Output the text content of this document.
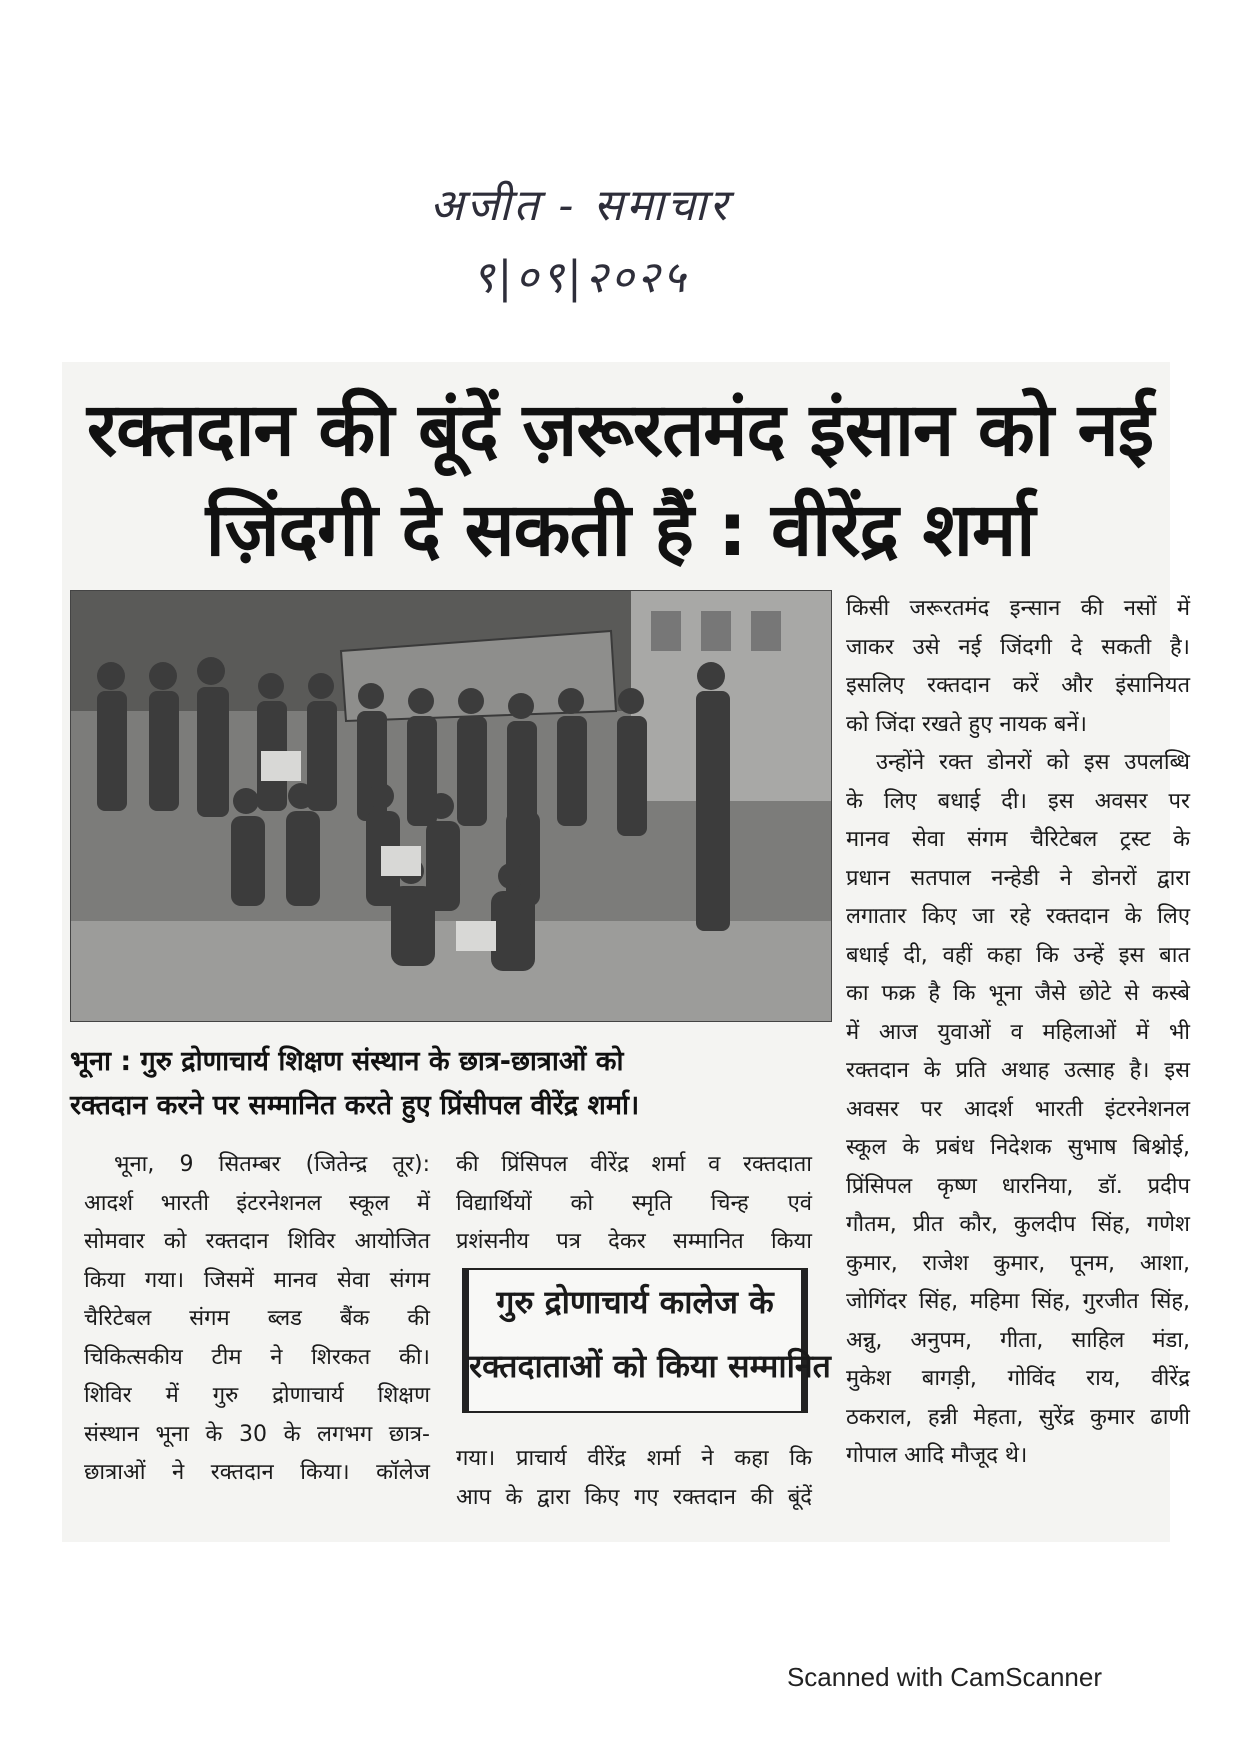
अजीत - समाचार
९|०९|२०२५
रक्तदान की बूंदें ज़रूरतमंद इंसान को नई
ज़िंदगी दे सकती हैं : वीरेंद्र शर्मा
भूना : गुरु द्रोणाचार्य शिक्षण संस्थान के छात्र-छात्राओं को
रक्तदान करने पर सम्मानित करते हुए प्रिंसीपल वीरेंद्र शर्मा।
भूना, 9 सितम्बर (जितेन्द्र तूर):
आदर्श भारती इंटरनेशनल स्कूल में
सोमवार को रक्तदान शिविर आयोजित
किया गया। जिसमें मानव सेवा संगम
चैरिटेबल संगम ब्लड बैंक की
चिकित्सकीय टीम ने शिरकत की।
शिविर में गुरु द्रोणाचार्य शिक्षण
संस्थान भूना के 30 के लगभग छात्र-
छात्राओं ने रक्तदान किया। कॉलेज
की प्रिंसिपल वीरेंद्र शर्मा व रक्तदाता
विद्यार्थियों को स्मृति चिन्ह एवं
प्रशंसनीय पत्र देकर सम्मानित किया
गुरु द्रोणाचार्य कालेज के
रक्तदाताओं को किया सम्मानित
गया। प्राचार्य वीरेंद्र शर्मा ने कहा कि
आप के द्वारा किए गए रक्तदान की बूंदें
किसी जरूरतमंद इन्सान की नसों में
जाकर उसे नई जिंदगी दे सकती है।
इसलिए रक्तदान करें और इंसानियत
को जिंदा रखते हुए नायक बनें।
उन्होंने रक्त डोनरों को इस उपलब्धि
के लिए बधाई दी। इस अवसर पर
मानव सेवा संगम चैरिटेबल ट्रस्ट के
प्रधान सतपाल नन्हेडी ने डोनरों द्वारा
लगातार किए जा रहे रक्तदान के लिए
बधाई दी, वहीं कहा कि उन्हें इस बात
का फक्र है कि भूना जैसे छोटे से कस्बे
में आज युवाओं व महिलाओं में भी
रक्तदान के प्रति अथाह उत्साह है। इस
अवसर पर आदर्श भारती इंटरनेशनल
स्कूल के प्रबंध निदेशक सुभाष बिश्नोई,
प्रिंसिपल कृष्ण धारनिया, डॉ. प्रदीप
गौतम, प्रीत कौर, कुलदीप सिंह, गणेश
कुमार, राजेश कुमार, पूनम, आशा,
जोगिंदर सिंह, महिमा सिंह, गुरजीत सिंह,
अन्नु, अनुपम, गीता, साहिल मंडा,
मुकेश बागड़ी, गोविंद राय, वीरेंद्र
ठकराल, हन्नी मेहता, सुरेंद्र कुमार ढाणी
गोपाल आदि मौजूद थे।
Scanned with CamScanner
